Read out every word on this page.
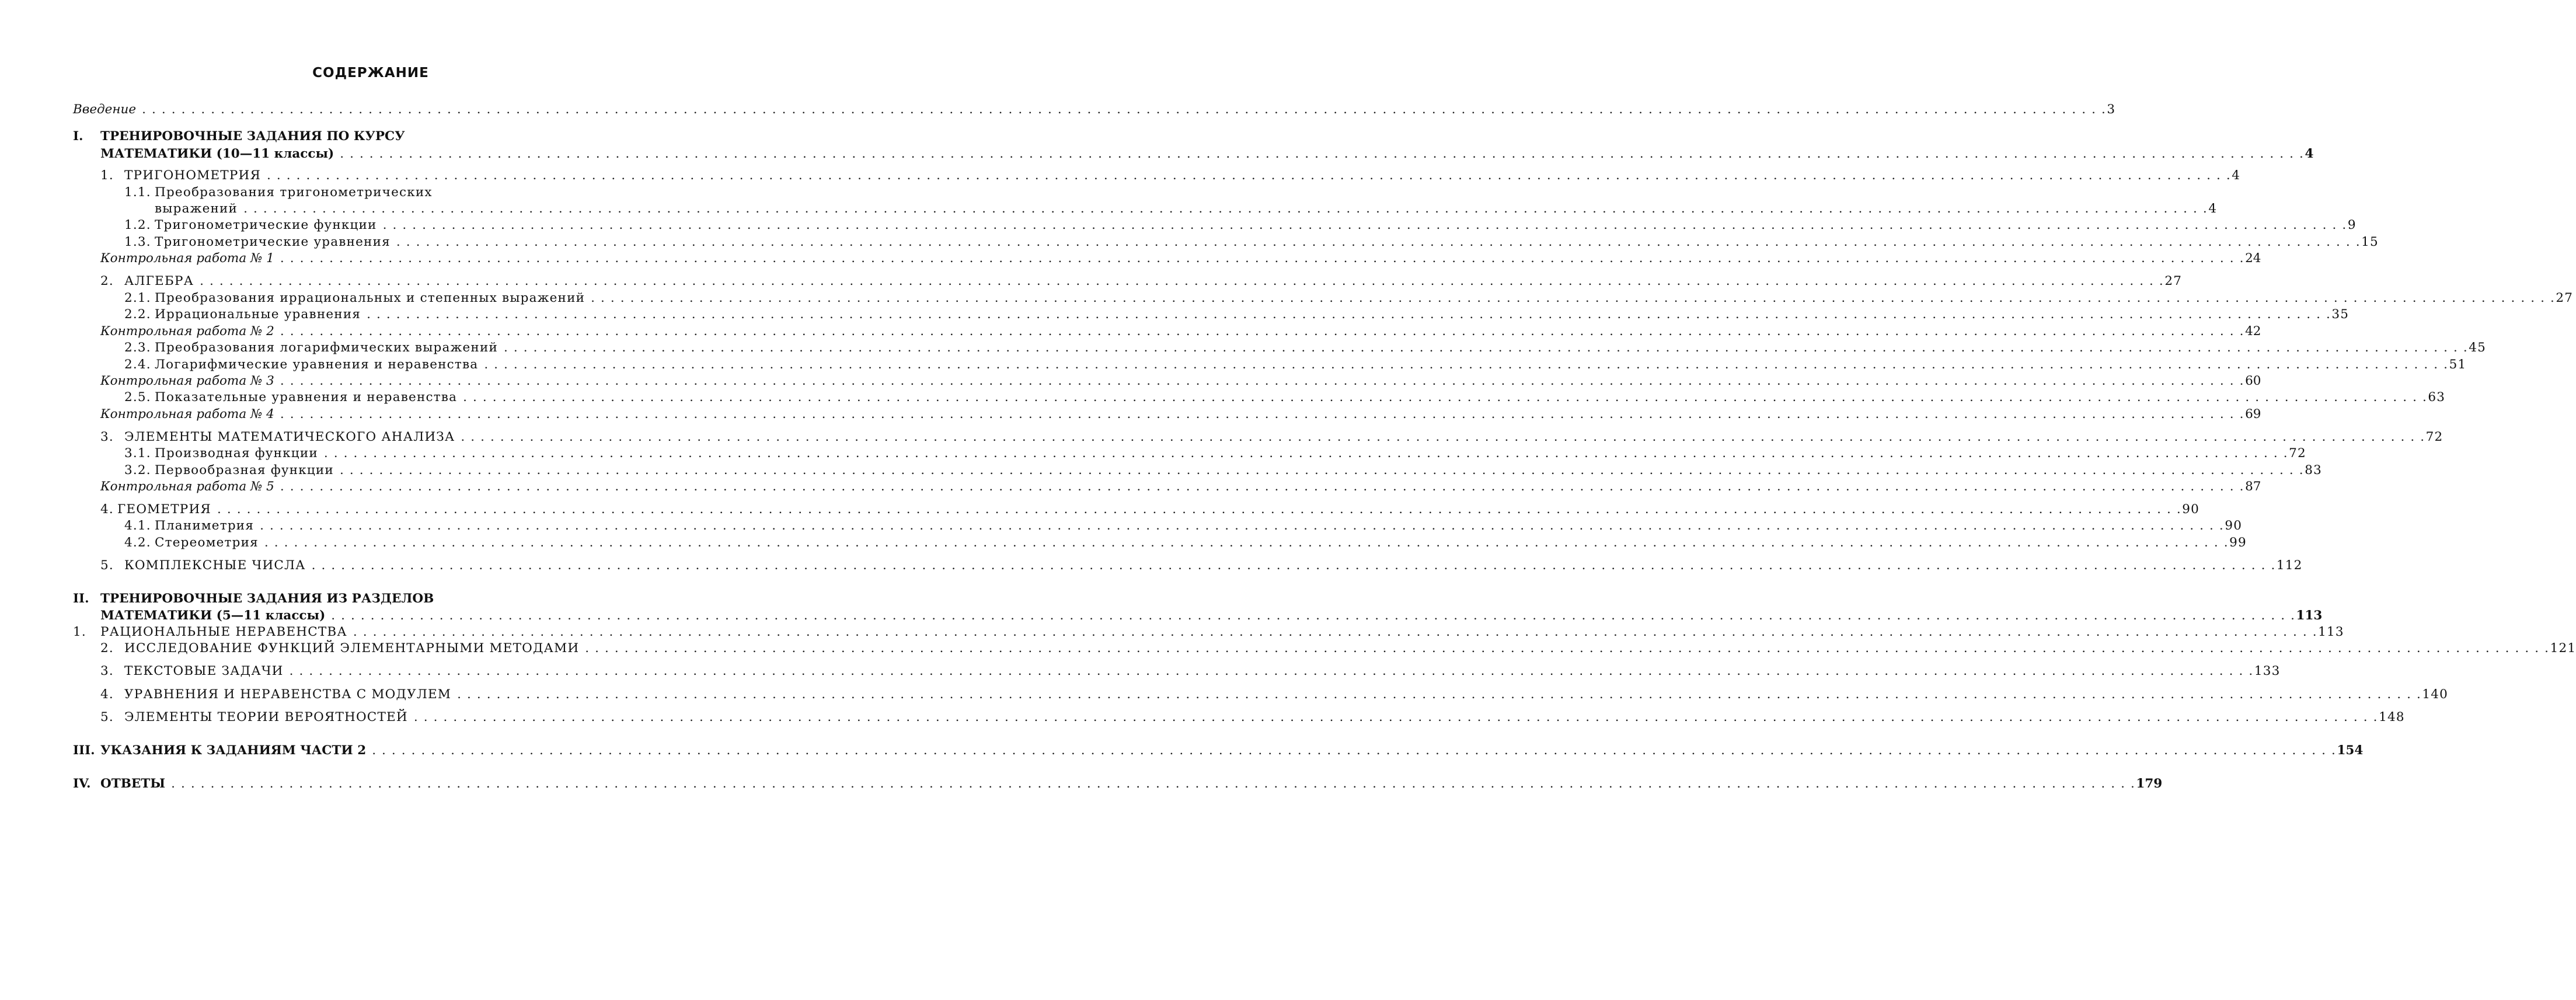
СОДЕРЖАНИЕ
Введение . . . . . . . . . . . . . . . . . . . . . . . . . . . . . . . . . . . . . . . . . . . . . . . . . . . . . . . . . . . . . . . . . . . . . . . . . . . . . . . . . . . . . . . . . . . . . . . . . . . . . . . . . . . . . . . . . . . . . . . . . . . . . . . . . . . . . . . . . . . . . . . . . . . . . . . . . . . . . . . . . . . . . . . . . . . . . . . . . . . . . . . . . . . . . . . . . . . . . . . . 3
I. ТРЕНИРОВОЧНЫЕ ЗАДАНИЯ ПО КУРСУ
МАТЕМАТИКИ (10—11 классы) . . . . . . . . . . . . . . . . . . . . . . . . . . . . . . . . . . . . . . . . . . . . . . . . . . . . . . . . . . . . . . . . . . . . . . . . . . . . . . . . . . . . . . . . . . . . . . . . . . . . . . . . . . . . . . . . . . . . . . . . . . . . . . . . . . . . . . . . . . . . . . . . . . . . . . . . . . . . . . . . . . . . . . . . . . . . . . . . . . . . . . . . . . . . . . . . . . . . . . . . 4
1. ТРИГОНОМЕТРИЯ . . . . . . . . . . . . . . . . . . . . . . . . . . . . . . . . . . . . . . . . . . . . . . . . . . . . . . . . . . . . . . . . . . . . . . . . . . . . . . . . . . . . . . . . . . . . . . . . . . . . . . . . . . . . . . . . . . . . . . . . . . . . . . . . . . . . . . . . . . . . . . . . . . . . . . . . . . . . . . . . . . . . . . . . . . . . . . . . . . . . . . . . . . . . . . . . . . . . . . . . 4
1.1. Преобразования тригонометрических
выражений . . . . . . . . . . . . . . . . . . . . . . . . . . . . . . . . . . . . . . . . . . . . . . . . . . . . . . . . . . . . . . . . . . . . . . . . . . . . . . . . . . . . . . . . . . . . . . . . . . . . . . . . . . . . . . . . . . . . . . . . . . . . . . . . . . . . . . . . . . . . . . . . . . . . . . . . . . . . . . . . . . . . . . . . . . . . . . . . . . . . . . . . . . . . . . . . . . . . . . . . 4
1.2. Тригонометрические функции . . . . . . . . . . . . . . . . . . . . . . . . . . . . . . . . . . . . . . . . . . . . . . . . . . . . . . . . . . . . . . . . . . . . . . . . . . . . . . . . . . . . . . . . . . . . . . . . . . . . . . . . . . . . . . . . . . . . . . . . . . . . . . . . . . . . . . . . . . . . . . . . . . . . . . . . . . . . . . . . . . . . . . . . . . . . . . . . . . . . . . . . . . . . . . . . . . . . . . . . 9
1.3. Тригонометрические уравнения . . . . . . . . . . . . . . . . . . . . . . . . . . . . . . . . . . . . . . . . . . . . . . . . . . . . . . . . . . . . . . . . . . . . . . . . . . . . . . . . . . . . . . . . . . . . . . . . . . . . . . . . . . . . . . . . . . . . . . . . . . . . . . . . . . . . . . . . . . . . . . . . . . . . . . . . . . . . . . . . . . . . . . . . . . . . . . . . . . . . . . . . . . . . . . . . . . . . . . . . 15
Контрольная работа № 1 . . . . . . . . . . . . . . . . . . . . . . . . . . . . . . . . . . . . . . . . . . . . . . . . . . . . . . . . . . . . . . . . . . . . . . . . . . . . . . . . . . . . . . . . . . . . . . . . . . . . . . . . . . . . . . . . . . . . . . . . . . . . . . . . . . . . . . . . . . . . . . . . . . . . . . . . . . . . . . . . . . . . . . . . . . . . . . . . . . . . . . . . . . . . . . . . . . . . . . . . 24
2. АЛГЕБРА . . . . . . . . . . . . . . . . . . . . . . . . . . . . . . . . . . . . . . . . . . . . . . . . . . . . . . . . . . . . . . . . . . . . . . . . . . . . . . . . . . . . . . . . . . . . . . . . . . . . . . . . . . . . . . . . . . . . . . . . . . . . . . . . . . . . . . . . . . . . . . . . . . . . . . . . . . . . . . . . . . . . . . . . . . . . . . . . . . . . . . . . . . . . . . . . . . . . . . . . 27
2.1. Преобразования иррациональных и степенных выражений . . . . . . . . . . . . . . . . . . . . . . . . . . . . . . . . . . . . . . . . . . . . . . . . . . . . . . . . . . . . . . . . . . . . . . . . . . . . . . . . . . . . . . . . . . . . . . . . . . . . . . . . . . . . . . . . . . . . . . . . . . . . . . . . . . . . . . . . . . . . . . . . . . . . . . . . . . . . . . . . . . . . . . . . . . . . . . . . . . . . . . . . . . . . . . . . . . . . . . . . 27
2.2. Иррациональные уравнения . . . . . . . . . . . . . . . . . . . . . . . . . . . . . . . . . . . . . . . . . . . . . . . . . . . . . . . . . . . . . . . . . . . . . . . . . . . . . . . . . . . . . . . . . . . . . . . . . . . . . . . . . . . . . . . . . . . . . . . . . . . . . . . . . . . . . . . . . . . . . . . . . . . . . . . . . . . . . . . . . . . . . . . . . . . . . . . . . . . . . . . . . . . . . . . . . . . . . . . . 35
Контрольная работа № 2 . . . . . . . . . . . . . . . . . . . . . . . . . . . . . . . . . . . . . . . . . . . . . . . . . . . . . . . . . . . . . . . . . . . . . . . . . . . . . . . . . . . . . . . . . . . . . . . . . . . . . . . . . . . . . . . . . . . . . . . . . . . . . . . . . . . . . . . . . . . . . . . . . . . . . . . . . . . . . . . . . . . . . . . . . . . . . . . . . . . . . . . . . . . . . . . . . . . . . . . . 42
2.3. Преобразования логарифмических выражений . . . . . . . . . . . . . . . . . . . . . . . . . . . . . . . . . . . . . . . . . . . . . . . . . . . . . . . . . . . . . . . . . . . . . . . . . . . . . . . . . . . . . . . . . . . . . . . . . . . . . . . . . . . . . . . . . . . . . . . . . . . . . . . . . . . . . . . . . . . . . . . . . . . . . . . . . . . . . . . . . . . . . . . . . . . . . . . . . . . . . . . . . . . . . . . . . . . . . . . . 45
2.4. Логарифмические уравнения и неравенства . . . . . . . . . . . . . . . . . . . . . . . . . . . . . . . . . . . . . . . . . . . . . . . . . . . . . . . . . . . . . . . . . . . . . . . . . . . . . . . . . . . . . . . . . . . . . . . . . . . . . . . . . . . . . . . . . . . . . . . . . . . . . . . . . . . . . . . . . . . . . . . . . . . . . . . . . . . . . . . . . . . . . . . . . . . . . . . . . . . . . . . . . . . . . . . . . . . . . . . . 51
Контрольная работа № 3 . . . . . . . . . . . . . . . . . . . . . . . . . . . . . . . . . . . . . . . . . . . . . . . . . . . . . . . . . . . . . . . . . . . . . . . . . . . . . . . . . . . . . . . . . . . . . . . . . . . . . . . . . . . . . . . . . . . . . . . . . . . . . . . . . . . . . . . . . . . . . . . . . . . . . . . . . . . . . . . . . . . . . . . . . . . . . . . . . . . . . . . . . . . . . . . . . . . . . . . . 60
2.5. Показательные уравнения и неравенства . . . . . . . . . . . . . . . . . . . . . . . . . . . . . . . . . . . . . . . . . . . . . . . . . . . . . . . . . . . . . . . . . . . . . . . . . . . . . . . . . . . . . . . . . . . . . . . . . . . . . . . . . . . . . . . . . . . . . . . . . . . . . . . . . . . . . . . . . . . . . . . . . . . . . . . . . . . . . . . . . . . . . . . . . . . . . . . . . . . . . . . . . . . . . . . . . . . . . . . . 63
Контрольная работа № 4 . . . . . . . . . . . . . . . . . . . . . . . . . . . . . . . . . . . . . . . . . . . . . . . . . . . . . . . . . . . . . . . . . . . . . . . . . . . . . . . . . . . . . . . . . . . . . . . . . . . . . . . . . . . . . . . . . . . . . . . . . . . . . . . . . . . . . . . . . . . . . . . . . . . . . . . . . . . . . . . . . . . . . . . . . . . . . . . . . . . . . . . . . . . . . . . . . . . . . . . . 69
3. ЭЛЕМЕНТЫ МАТЕМАТИЧЕСКОГО АНАЛИЗА . . . . . . . . . . . . . . . . . . . . . . . . . . . . . . . . . . . . . . . . . . . . . . . . . . . . . . . . . . . . . . . . . . . . . . . . . . . . . . . . . . . . . . . . . . . . . . . . . . . . . . . . . . . . . . . . . . . . . . . . . . . . . . . . . . . . . . . . . . . . . . . . . . . . . . . . . . . . . . . . . . . . . . . . . . . . . . . . . . . . . . . . . . . . . . . . . . . . . . . . 72
3.1. Производная функции . . . . . . . . . . . . . . . . . . . . . . . . . . . . . . . . . . . . . . . . . . . . . . . . . . . . . . . . . . . . . . . . . . . . . . . . . . . . . . . . . . . . . . . . . . . . . . . . . . . . . . . . . . . . . . . . . . . . . . . . . . . . . . . . . . . . . . . . . . . . . . . . . . . . . . . . . . . . . . . . . . . . . . . . . . . . . . . . . . . . . . . . . . . . . . . . . . . . . . . . 72
3.2. Первообразная функции . . . . . . . . . . . . . . . . . . . . . . . . . . . . . . . . . . . . . . . . . . . . . . . . . . . . . . . . . . . . . . . . . . . . . . . . . . . . . . . . . . . . . . . . . . . . . . . . . . . . . . . . . . . . . . . . . . . . . . . . . . . . . . . . . . . . . . . . . . . . . . . . . . . . . . . . . . . . . . . . . . . . . . . . . . . . . . . . . . . . . . . . . . . . . . . . . . . . . . . . 83
Контрольная работа № 5 . . . . . . . . . . . . . . . . . . . . . . . . . . . . . . . . . . . . . . . . . . . . . . . . . . . . . . . . . . . . . . . . . . . . . . . . . . . . . . . . . . . . . . . . . . . . . . . . . . . . . . . . . . . . . . . . . . . . . . . . . . . . . . . . . . . . . . . . . . . . . . . . . . . . . . . . . . . . . . . . . . . . . . . . . . . . . . . . . . . . . . . . . . . . . . . . . . . . . . . . 87
4. ГЕОМЕТРИЯ . . . . . . . . . . . . . . . . . . . . . . . . . . . . . . . . . . . . . . . . . . . . . . . . . . . . . . . . . . . . . . . . . . . . . . . . . . . . . . . . . . . . . . . . . . . . . . . . . . . . . . . . . . . . . . . . . . . . . . . . . . . . . . . . . . . . . . . . . . . . . . . . . . . . . . . . . . . . . . . . . . . . . . . . . . . . . . . . . . . . . . . . . . . . . . . . . . . . . . . . 90
4.1. Планиметрия . . . . . . . . . . . . . . . . . . . . . . . . . . . . . . . . . . . . . . . . . . . . . . . . . . . . . . . . . . . . . . . . . . . . . . . . . . . . . . . . . . . . . . . . . . . . . . . . . . . . . . . . . . . . . . . . . . . . . . . . . . . . . . . . . . . . . . . . . . . . . . . . . . . . . . . . . . . . . . . . . . . . . . . . . . . . . . . . . . . . . . . . . . . . . . . . . . . . . . . . 90
4.2. Стереометрия . . . . . . . . . . . . . . . . . . . . . . . . . . . . . . . . . . . . . . . . . . . . . . . . . . . . . . . . . . . . . . . . . . . . . . . . . . . . . . . . . . . . . . . . . . . . . . . . . . . . . . . . . . . . . . . . . . . . . . . . . . . . . . . . . . . . . . . . . . . . . . . . . . . . . . . . . . . . . . . . . . . . . . . . . . . . . . . . . . . . . . . . . . . . . . . . . . . . . . . . 99
5. КОМПЛЕКСНЫЕ ЧИСЛА . . . . . . . . . . . . . . . . . . . . . . . . . . . . . . . . . . . . . . . . . . . . . . . . . . . . . . . . . . . . . . . . . . . . . . . . . . . . . . . . . . . . . . . . . . . . . . . . . . . . . . . . . . . . . . . . . . . . . . . . . . . . . . . . . . . . . . . . . . . . . . . . . . . . . . . . . . . . . . . . . . . . . . . . . . . . . . . . . . . . . . . . . . . . . . . . . . . . . . . . 112
II. ТРЕНИРОВОЧНЫЕ ЗАДАНИЯ ИЗ РАЗДЕЛОВ
МАТЕМАТИКИ (5—11 классы) . . . . . . . . . . . . . . . . . . . . . . . . . . . . . . . . . . . . . . . . . . . . . . . . . . . . . . . . . . . . . . . . . . . . . . . . . . . . . . . . . . . . . . . . . . . . . . . . . . . . . . . . . . . . . . . . . . . . . . . . . . . . . . . . . . . . . . . . . . . . . . . . . . . . . . . . . . . . . . . . . . . . . . . . . . . . . . . . . . . . . . . . . . . . . . . . . . . . . . . . 113
1. РАЦИОНАЛЬНЫЕ НЕРАВЕНСТВА . . . . . . . . . . . . . . . . . . . . . . . . . . . . . . . . . . . . . . . . . . . . . . . . . . . . . . . . . . . . . . . . . . . . . . . . . . . . . . . . . . . . . . . . . . . . . . . . . . . . . . . . . . . . . . . . . . . . . . . . . . . . . . . . . . . . . . . . . . . . . . . . . . . . . . . . . . . . . . . . . . . . . . . . . . . . . . . . . . . . . . . . . . . . . . . . . . . . . . . . 113
2. ИССЛЕДОВАНИЕ ФУНКЦИЙ ЭЛЕМЕНТАРНЫМИ МЕТОДАМИ . . . . . . . . . . . . . . . . . . . . . . . . . . . . . . . . . . . . . . . . . . . . . . . . . . . . . . . . . . . . . . . . . . . . . . . . . . . . . . . . . . . . . . . . . . . . . . . . . . . . . . . . . . . . . . . . . . . . . . . . . . . . . . . . . . . . . . . . . . . . . . . . . . . . . . . . . . . . . . . . . . . . . . . . . . . . . . . . . . . . . . . . . . . . . . . . . . . . . . . . 121
3. ТЕКСТОВЫЕ ЗАДАЧИ . . . . . . . . . . . . . . . . . . . . . . . . . . . . . . . . . . . . . . . . . . . . . . . . . . . . . . . . . . . . . . . . . . . . . . . . . . . . . . . . . . . . . . . . . . . . . . . . . . . . . . . . . . . . . . . . . . . . . . . . . . . . . . . . . . . . . . . . . . . . . . . . . . . . . . . . . . . . . . . . . . . . . . . . . . . . . . . . . . . . . . . . . . . . . . . . . . . . . . . . 133
4. УРАВНЕНИЯ И НЕРАВЕНСТВА С МОДУЛЕМ . . . . . . . . . . . . . . . . . . . . . . . . . . . . . . . . . . . . . . . . . . . . . . . . . . . . . . . . . . . . . . . . . . . . . . . . . . . . . . . . . . . . . . . . . . . . . . . . . . . . . . . . . . . . . . . . . . . . . . . . . . . . . . . . . . . . . . . . . . . . . . . . . . . . . . . . . . . . . . . . . . . . . . . . . . . . . . . . . . . . . . . . . . . . . . . . . . . . . . . . 140
5. ЭЛЕМЕНТЫ ТЕОРИИ ВЕРОЯТНОСТЕЙ . . . . . . . . . . . . . . . . . . . . . . . . . . . . . . . . . . . . . . . . . . . . . . . . . . . . . . . . . . . . . . . . . . . . . . . . . . . . . . . . . . . . . . . . . . . . . . . . . . . . . . . . . . . . . . . . . . . . . . . . . . . . . . . . . . . . . . . . . . . . . . . . . . . . . . . . . . . . . . . . . . . . . . . . . . . . . . . . . . . . . . . . . . . . . . . . . . . . . . . . 148
III. УКАЗАНИЯ К ЗАДАНИЯМ ЧАСТИ 2 . . . . . . . . . . . . . . . . . . . . . . . . . . . . . . . . . . . . . . . . . . . . . . . . . . . . . . . . . . . . . . . . . . . . . . . . . . . . . . . . . . . . . . . . . . . . . . . . . . . . . . . . . . . . . . . . . . . . . . . . . . . . . . . . . . . . . . . . . . . . . . . . . . . . . . . . . . . . . . . . . . . . . . . . . . . . . . . . . . . . . . . . . . . . . . . . . . . . . . . . 154
IV. ОТВЕТЫ . . . . . . . . . . . . . . . . . . . . . . . . . . . . . . . . . . . . . . . . . . . . . . . . . . . . . . . . . . . . . . . . . . . . . . . . . . . . . . . . . . . . . . . . . . . . . . . . . . . . . . . . . . . . . . . . . . . . . . . . . . . . . . . . . . . . . . . . . . . . . . . . . . . . . . . . . . . . . . . . . . . . . . . . . . . . . . . . . . . . . . . . . . . . . . . . . . . . . . . . 179
